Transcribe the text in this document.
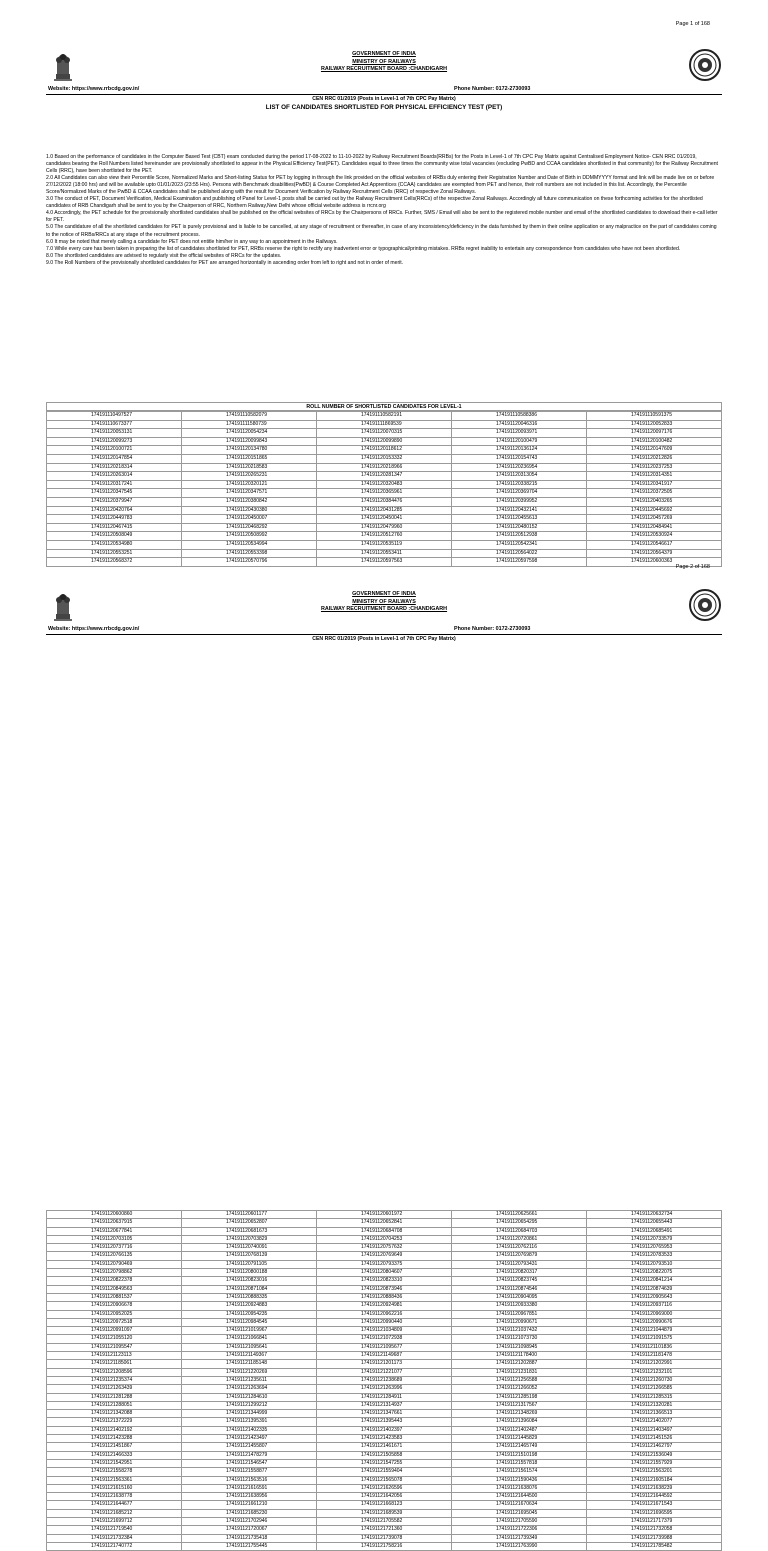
Page 1 of 168
GOVERNMENT OF INDIA
MINISTRY OF RAILWAYS
RAILWAY RECRUITMENT BOARD :CHANDIGARH
Website: https://www.rrbcdg.gov.in/	Phone Number: 0172-2730093
CEN RRC 01/2019 (Posts in Level-1 of 7th CPC Pay Matrix)
LIST OF CANDIDATES SHORTLISTED FOR PHYSICAL EFFICIENCY TEST (PET)

1.0 Based on the performance of candidates in the Computer Based Test (CBT) exam conducted during the period 17-08-2022 to 11-10-2022 by Railway Recruitment Boards(RRBs) for the Posts in Level-1 of 7th CPC Pay Matrix against Centralised Employment Notice- CEN RRC 01/2019, candidates bearing the Roll Numbers listed hereinunder are provisionally shortlisted to appear in the Physical Efficiency Test(PET). Candidates equal to three times the community wise total vacancies (excluding PwBD and CCAA candidates shortlisted in that community) for the Railway Recruitment Cells (RRC), have been shortlisted for the PET.

2.0 All Candidates can also view their Percentile Score, Normalized Marks and Short-listing Status for PET by logging in through the link provided on the official websites of RRBs duly entering their Registration Number and Date of Birth in DDMMYYYY format and link will be made live on or before 27/12/2022 (18:00 hrs) and will be available upto 01/01/2023 (23:55 Hrs). Persons with Benchmark disabilities(PwBD) & Course Completed Act Apprentices (CCAA) candidates are exempted from PET and hence, their roll numbers are not included in this list. Accordingly, the Percentile Score/Normalized Marks of the PwBD & CCAA candidates shall be published along with the result for Document Verification by Railway Recruitment Cells (RRC) of respective Zonal Railways.

3.0 The conduct of PET, Document Verification, Medical Examination and publishing of Panel for Level-1 posts shall be carried out by the Railway Recruitment Cells(RRCs) of the respective Zonal Railways. Accordingly all future communication on these forthcoming activities for the shortlisted candidates of RRB Chandigarh shall be sent to you by the Chairperson of RRC, Northern Railway,New Delhi whose official website address is rrcnr.org

4.0 Accordingly, the PET schedule for the provisionally shortlisted candidates shall be published on the official websites of RRCs by the Chairpersons of RRCs. Further, SMS / Email will also be sent to the registered mobile number and email of the shortlisted candidates to download their e-call letter for PET.

5.0 The candidature of all the shortlisted candidates for PET is purely provisional and is liable to be cancelled, at any stage of recruitment or thereafter, in case of any inconsistency/deficiency in the data furnished by them in their online application or any malpractice on the part of candidates coming to the notice of RRBs/RRCs at any stage of the recruitment process.

6.0 It may be noted that merely calling a candidate for PET does not entitle him/her in any way to an appointment in the Railways.

7.0 While every care has been taken in preparing the list of candidates shortlisted for PET, RRBs reserve the right to rectify any inadvertent error or typographical/printing mistakes. RRBs regret inability to entertain any correspondence from candidates who have not been shortlisted.

8.0 The shortlisted candidates are advised to regularly visit the official websites of RRCs for the updates.

9.0 The Roll Numbers of the provisionally shortlisted candidates for PET are arranged horizontally in ascending order from left to right and not in order of merit.

ROLL NUMBER OF SHORTLISTED CANDIDATES FOR LEVEL-1
174191110497527	174191110582079	174191110582191	174191110588386	174191110591375
174191110673377	174191111580739	174191111869539	174191120046316	174191120052833
174191120053131	174191120054234	174191120070315	174191120093971	174191120097176
174191120099273	174191120099843	174191120099890	174191120100479	174191120100482
174191120100721	174191120134780	174191120118612	174191120136124	174191120147609
174191120147854	174191120151865	174191120153332	174191120154743	174191120212826
174191120218314	174191120218583	174191120218966	174191120236954	174191120237253
174191120263014	174191120265231	174191120281347	174191120313054	174191120314351
174191120317241	174191120320121	174191120320483	174191120338215	174191120341917
174191120347545	174191120347571	174191120365961	174191120369704	174191120372505
174191120379947	174191120380842	174191120384476	174191120399952	174191120403265
174191120420764	174191120430380	174191120431285	174191120432141	174191120445692
174191120449783	174191120450007	174191120450041	174191120455613	174191120457269
174191120467415	174191120468292	174191120479960	174191120480152	174191120484941
174191120508049	174191120508992	174191120512760	174191120512938	174191120530924
174191120534980	174191120534994	174191120535119	174191120542341	174191120546617
174191120553251	174191120553398	174191120553411	174191120564022	174191120564379
174191120568372	174191120570796	174191120597563	174191120597598	174191120600363
Page 2 of 168
GOVERNMENT OF INDIA
MINISTRY OF RAILWAYS
RAILWAY RECRUITMENT BOARD :CHANDIGARH
Website: https://www.rrbcdg.gov.in/	Phone Number: 0172-2730093
CEN RRC 01/2019 (Posts in Level-1 of 7th CPC Pay Matrix)
174191120600860	174191120601177	174191120601972	174191120625661	174191120632734
174191120637915	174191120652807	174191120652841	174191120654295	174191120655443
174191120677841	174191120681673	174191120684708	174191120684703	174191120685491
174191120703105	174191120703829	174191120704253	174191120720861	174191120733579
174191120737716	174191120740091	174191120757632	174191120762116	174191120765953
174191120766135	174191120768139	174191120769649	174191120769879	174191120783533
174191120790469	174191120791105	174191120793375	174191120793431	174191120793510
174191120798862	174191120800188	174191120804607	174191120820317	174191120822075
174191120822378	174191120823016	174191120823310	174191120823745	174191120841214
174191120849563	174191120871084	174191120873946	174191120874546	174191120874639
174191120881537	174191120888335	174191120888436	174191120904095	174191120905643
174191120906678	174191120924883	174191120924981	174191120933380	174191120937116
174191120952025	174191120954235	174191120962216	174191120967851	174191120969000
174191120972518	174191120984545	174191120990440	174191120990671	174191120990676
174191120991097	174191121019967	174191121034809	174191121037432	174191121044879
174191121055120	174191121066841	174191121072938	174191121073730	174191121091575
174191121095547	174191121095641	174191121095677	174191121098945	174191121101836
174191121123113	174191121149367	174191121149687	174191121178400	174191121181478
174191121185061	174191121185148	174191121201173	174191121202887	174191121202991
174191121208596	174191121220269	174191121221077	174191121231831	174191121232101
174191121235374	174191121235611	174191121238689	174191121256588	174191121260730
174191121263439	174191121263694	174191121263996	174191121266052	174191121266585
174191121281288	174191121284610	174191121284911	174191121285198	174191121285315
174191121288051	174191121299212	174191121314937	174191121317567	174191121320281
174191121342088	174191121344999	174191121347661	174191121348269	174191121366513
174191121372229	174191121395391	174191121395443	174191121396084	174191121402077
174191121402192	174191121402335	174191121402397	174191121402487	174191121403497
174191121423288	174191121423497	174191121423583	174191121445829	174191121451526
174191121451867	174191121455807	174191121461671	174191121465749	174191121462797
174191121466333	174191121478279	174191121505858	174191121510198	174191121536049
174191121542951	174191121546547	174191121547255	174191121557818	174191121557929
174191121558278	174191121558877	174191121559404	174191121561574	174191121563201
174191121563361	174191121563516	174191121565078	174191121590436	174191121605184
174191121615160	174191121616591	174191121626596	174191121638076	174191121638239
174191121638778	174191121638956	174191121642056	174191121644500	174191121644592
174191121644677	174191121661210	174191121668123	174191121670634	174191121671543
174191121685212	174191121685230	174191121689539	174191121695045	174191121696595
174191121699712	174191121702946	174191121705582	174191121705590	174191121717379
174191121719540	174191121720067	174191121721360	174191121722306	174191121732058
174191121732384	174191121735418	174191121739078	174191121739349	174191121739988
174191121740772	174191121755445	174191121758216	174191121763990	174191121785482
